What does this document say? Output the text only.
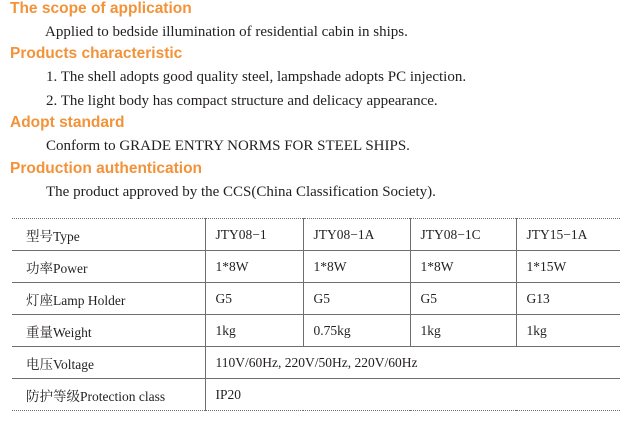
The scope of application

Applied to bedside illumination of residential cabin in ships.

Products characteristic

1. The shell adopts good quality steel, lampshade adopts PC injection.

2. The light body has compact structure and delicacy appearance.

Adopt standard

Conform to GRADE ENTRY NORMS FOR STEEL SHIPS.

Production authentication

The product approved by the CCS(China Classification Society).

型号Type	JTY08−1	JTY08−1A	JTY08−1C	JTY15−1A
功率Power	1*8W	1*8W	1*8W	1*15W
灯座Lamp Holder	G5	G5	G5	G13
重量Weight	1kg	0.75kg	1kg	1kg
电压Voltage	110V/60Hz, 220V/50Hz, 220V/60Hz			
防护等级Protection class	IP20			
